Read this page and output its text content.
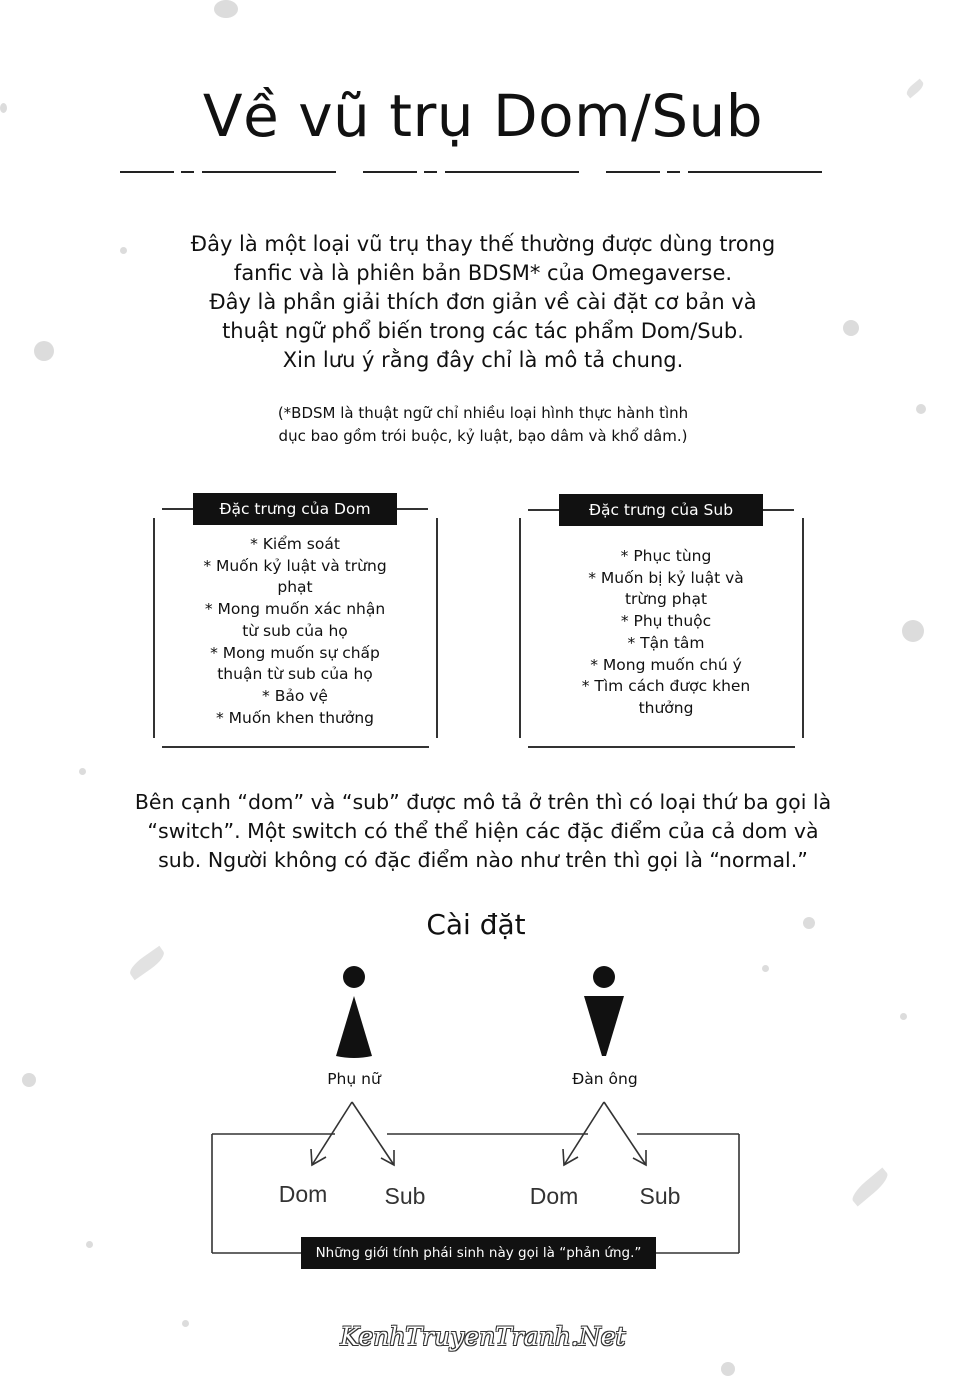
Về vũ trụ Dom/Sub
Đây là một loại vũ trụ thay thế thường được dùng trong
fanfic và là phiên bản BDSM* của Omegaverse.
Đây là phần giải thích đơn giản về cài đặt cơ bản và
thuật ngữ phổ biến trong các tác phẩm Dom/Sub.
Xin lưu ý rằng đây chỉ là mô tả chung.
(*BDSM là thuật ngữ chỉ nhiều loại hình thực hành tình
dục bao gồm trói buộc, kỷ luật, bạo dâm và khổ dâm.)
Đặc trưng của Dom
* Kiểm soát
* Muốn kỷ luật và trừng
phạt
* Mong muốn xác nhận
từ sub của họ
* Mong muốn sự chấp
thuận từ sub của họ
* Bảo vệ
* Muốn khen thưởng
Đặc trưng của Sub
* Phục tùng
* Muốn bị kỷ luật và
trừng phạt
* Phụ thuộc
* Tận tâm
* Mong muốn chú ý
* Tìm cách được khen
thưởng
Bên cạnh “dom” và “sub” được mô tả ở trên thì có loại thứ ba gọi là
“switch”. Một switch có thể thể hiện các đặc điểm của cả dom và
sub. Người không có đặc điểm nào như trên thì gọi là “normal.”
Cài đặt
Phụ nữ	Đàn ông
Dom	Sub	Dom	Sub
Những giới tính phái sinh này gọi là “phản ứng.”
KenhTruyenTranh.Net
